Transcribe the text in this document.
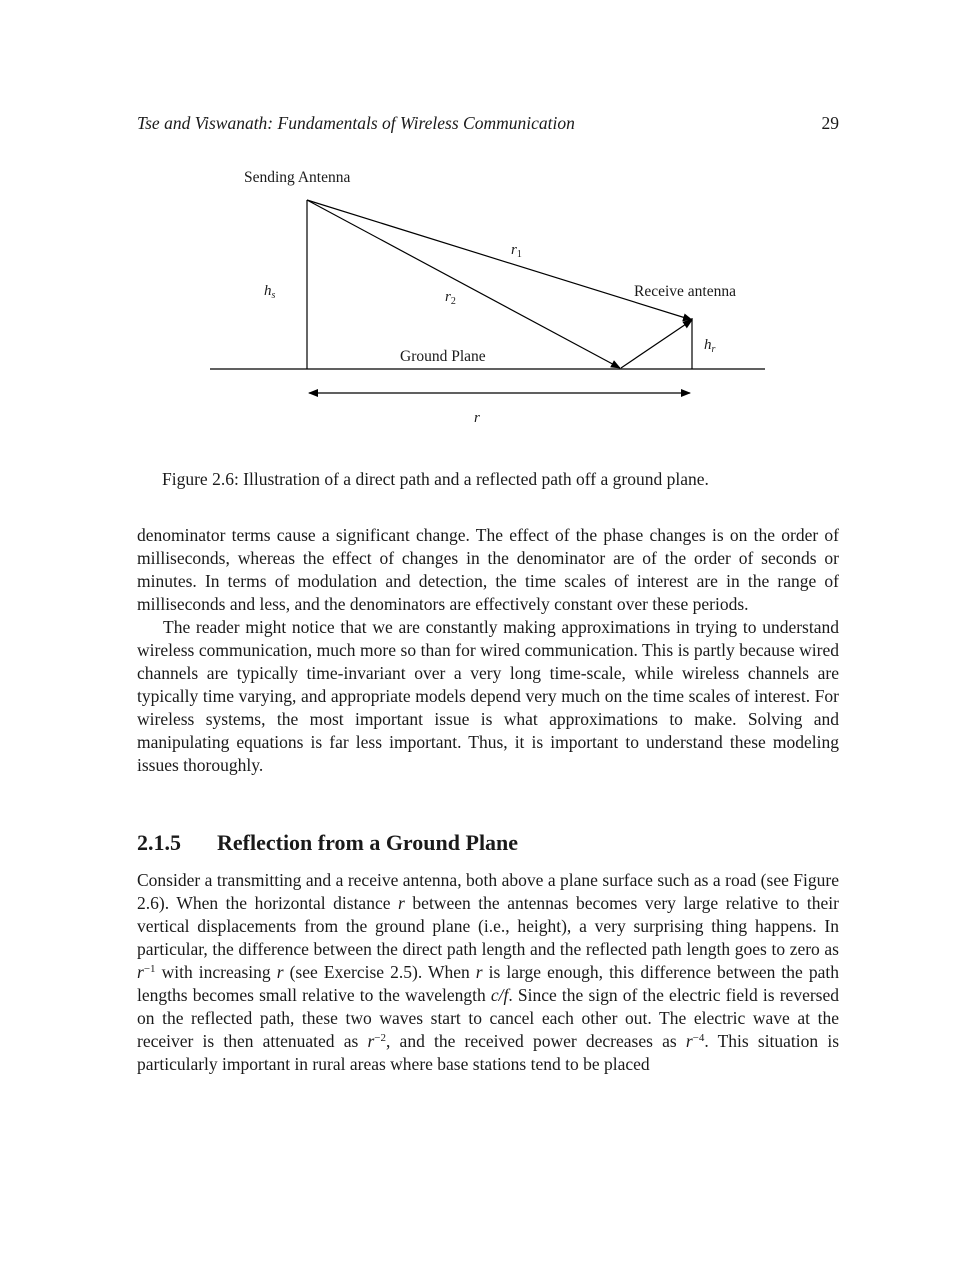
Tse and Viswanath: Fundamentals of Wireless Communication	29
Sending Antenna
Receive antenna
Ground Plane
$r_1$
$r_2$
$h_s$
$h_r$
r
Figure 2.6: Illustration of a direct path and a reflected path off a ground plane.

denominator terms cause a significant change. The effect of the phase changes is on the order of milliseconds, whereas the effect of changes in the denominator are of the order of seconds or minutes. In terms of modulation and detection, the time scales of interest are in the range of milliseconds and less, and the denominators are effectively constant over these periods.

The reader might notice that we are constantly making approximations in trying to understand wireless communication, much more so than for wired communication. This is partly because wired channels are typically time-invariant over a very long time-scale, while wireless channels are typically time varying, and appropriate models depend very much on the time scales of interest. For wireless systems, the most important issue is what approximations to make. Solving and manipulating equations is far less important. Thus, it is important to understand these modeling issues thoroughly.

2.1.5 Reflection from a Ground Plane

Consider a transmitting and a receive antenna, both above a plane surface such as a road (see Figure 2.6). When the horizontal distance r between the antennas becomes very large relative to their vertical displacements from the ground plane (i.e., height), a very surprising thing happens. In particular, the difference between the direct path length and the reflected path length goes to zero as $r^{-1}$ with increasing r (see Exercise 2.5). When r is large enough, this difference between the path lengths becomes small relative to the wavelength c/f. Since the sign of the electric field is reversed on the reflected path, these two waves start to cancel each other out. The electric wave at the receiver is then attenuated as $r^{-2}$, and the received power decreases as $r^{-4}$. This situation is particularly important in rural areas where base stations tend to be placed
